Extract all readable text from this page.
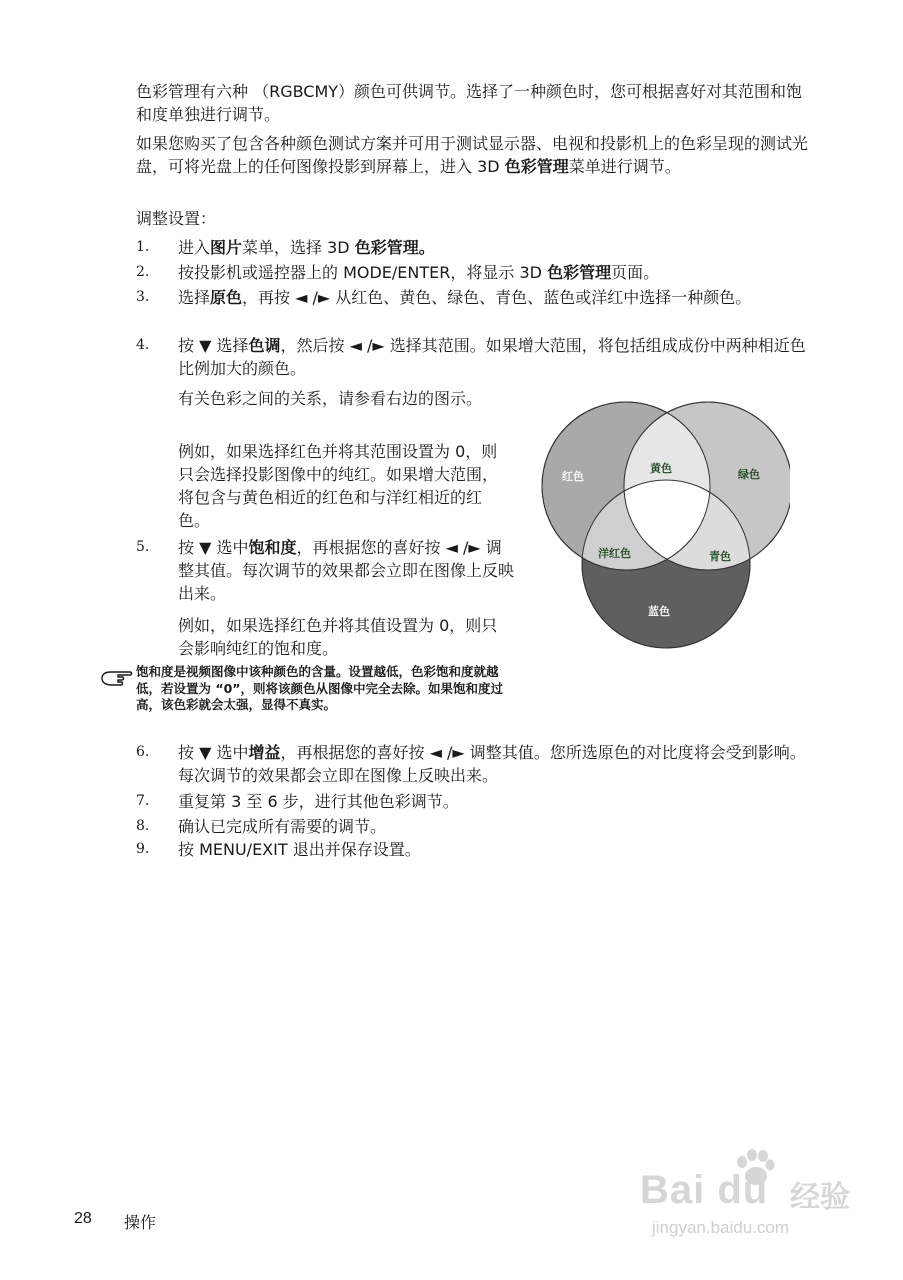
色彩管理有六种 （RGBCMY）颜色可供调节。选择了一种颜色时，您可根据喜好对其范围和饱和度单独进行调节。

如果您购买了包含各种颜色测试方案并可用于测试显示器、电视和投影机上的色彩呈现的测试光盘，可将光盘上的任何图像投影到屏幕上，进入 3D 色彩管理菜单进行调节。

调整设置：

1.	进入图片菜单，选择 3D 色彩管理。
2.	按投影机或遥控器上的 MODE/ENTER，将显示 3D 色彩管理页面。
3.	选择原色，再按 ◄ /► 从红色、黄色、绿色、青色、蓝色或洋红中选择一种颜色。
4.	按 ▼ 选择色调，然后按 ◄ /► 选择其范围。如果增大范围，将包括组成成份中两种相近色比例加大的颜色。

有关色彩之间的关系，请参看右边的图示。

例如，如果选择红色并将其范围设置为 0，则只会选择投影图像中的纯红。如果增大范围，将包含与黄色相近的红色和与洋红相近的红色。

5.	按 ▼ 选中饱和度，再根据您的喜好按 ◄ /► 调整其值。每次调节的效果都会立即在图像上反映出来。

例如，如果选择红色并将其值设置为 0，则只会影响纯红的饱和度。

饱和度是视频图像中该种颜色的含量。设置越低，色彩饱和度就越低，若设置为 “0”，则将该颜色从图像中完全去除。如果饱和度过高，该色彩就会太强，显得不真实。
6.	按 ▼ 选中增益，再根据您的喜好按 ◄ /► 调整其值。您所选原色的对比度将会受到影响。每次调节的效果都会立即在图像上反映出来。
7.	重复第 3 至 6 步，进行其他色彩调节。
8.	确认已完成所有需要的调节。
9.	按 MENU/EXIT 退出并保存设置。
红色	绿色
蓝色
黄色
洋红色	青色
28 操作
Bai du 经验
jingyan.baidu.com
